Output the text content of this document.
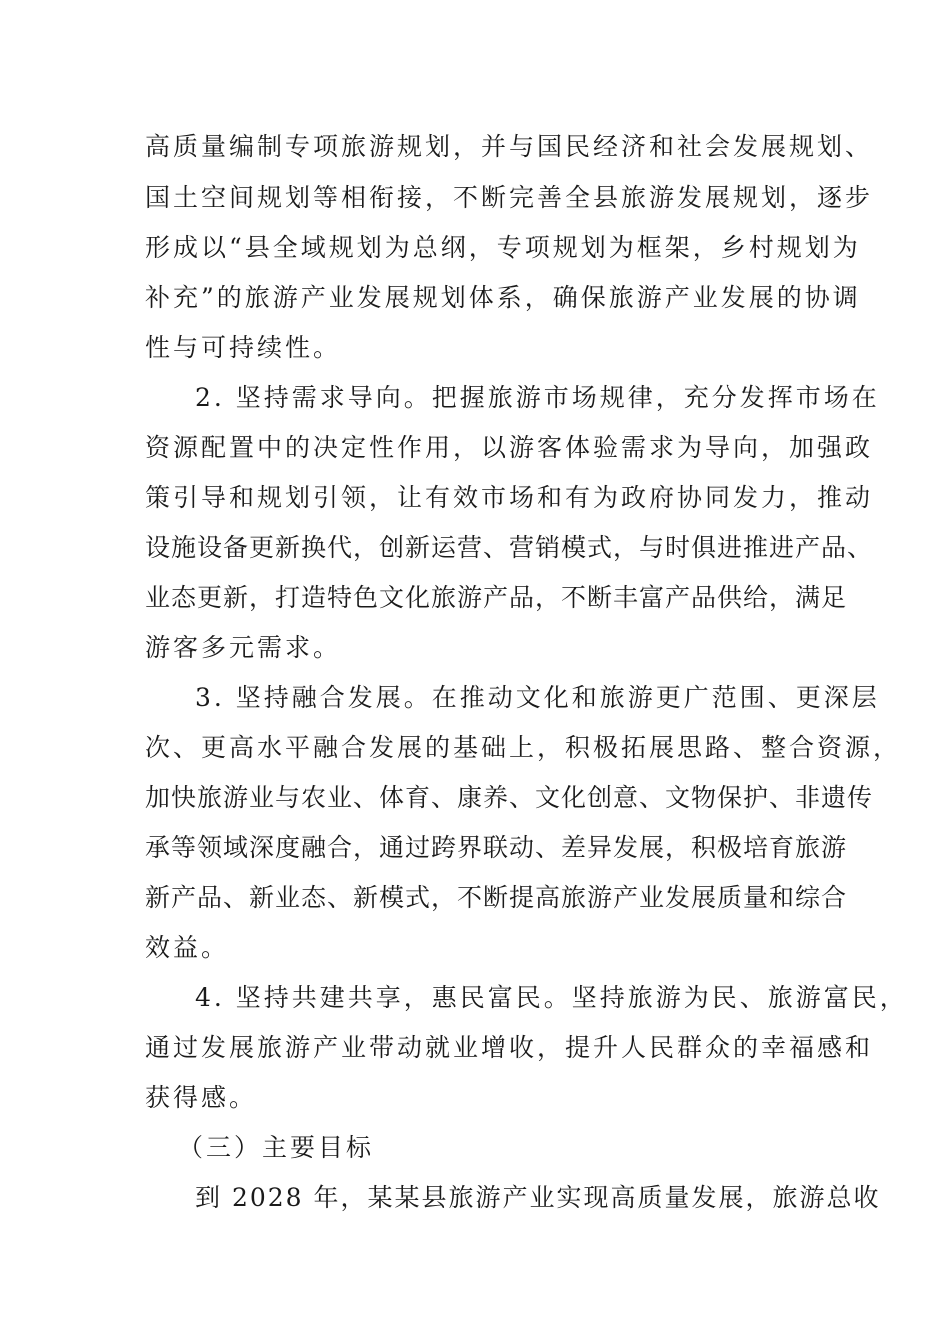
高质量编制专项旅游规划，并与国民经济和社会发展规划、
国土空间规划等相衔接，不断完善全县旅游发展规划，逐步
形成以“县全域规划为总纲，专项规划为框架，乡村规划为
补充”的旅游产业发展规划体系，确保旅游产业发展的协调
性与可持续性。
2. 坚持需求导向。把握旅游市场规律，充分发挥市场在
资源配置中的决定性作用，以游客体验需求为导向，加强政
策引导和规划引领，让有效市场和有为政府协同发力，推动
设施设备更新换代，创新运营、营销模式，与时俱进推进产品、
业态更新，打造特色文化旅游产品，不断丰富产品供给，满足
游客多元需求。
3. 坚持融合发展。在推动文化和旅游更广范围、更深层
次、更高水平融合发展的基础上，积极拓展思路、整合资源，
加快旅游业与农业、体育、康养、文化创意、文物保护、非遗传
承等领域深度融合，通过跨界联动、差异发展，积极培育旅游
新产品、新业态、新模式，不断提高旅游产业发展质量和综合
效益。
4. 坚持共建共享，惠民富民。坚持旅游为民、旅游富民，
通过发展旅游产业带动就业增收，提升人民群众的幸福感和
获得感。
（三）主要目标
到 2028 年，某某县旅游产业实现高质量发展，旅游总收
